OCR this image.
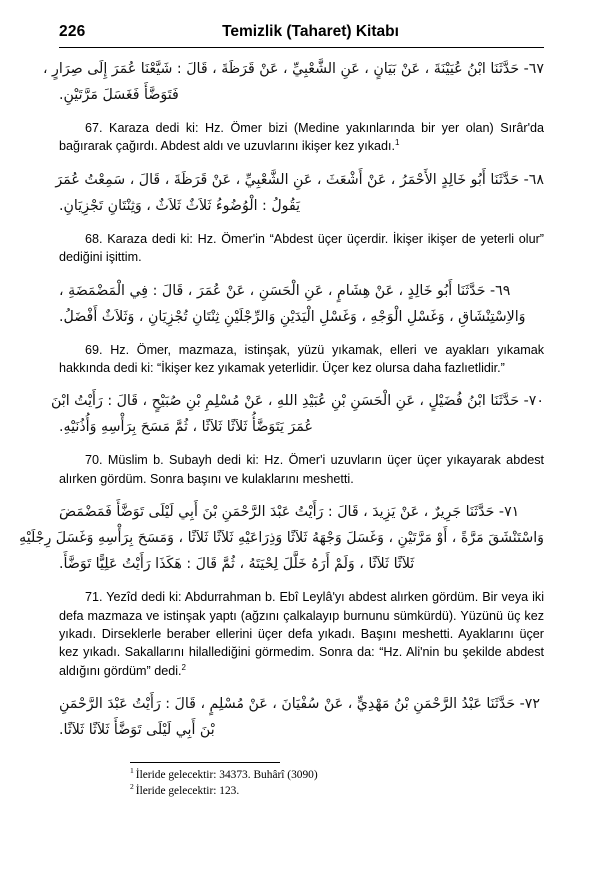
226	Temizlik (Taharet) Kitabı
٦٧- حَدَّثَنَا ابْنُ عُيَيْنَةَ ، عَنْ بَيَانٍ ، عَنِ الشَّعْبِيِّ ، عَنْ قَرَظَةَ ، قَالَ : شَيَّعْنَا عُمَرَ إِلَى صِرَارٍ ،
فَتَوَضَّأَ فَغَسَلَ مَرَّتَيْنِ.

67. Karaza dedi ki: Hz. Ömer bizi (Medine yakınlarında bir yer olan) Sırâr'da bağırarak çağırdı. Abdest aldı ve uzuvlarını ikişer kez yıkadı.$^1$

٦٨- حَدَّثَنَا أَبُو خَالِدٍ الأَحْمَرُ ، عَنْ أَشْعَثَ ، عَنِ الشَّعْبِيِّ ، عَنْ قَرَظَةَ ، قَالَ ، سَمِعْتُ عُمَرَ
يَقُولُ : الْوُضُوءُ ثَلاَثٌ ثَلاَثٌ ، وَثِنْتَانِ تَجْزِيَانِ.

68. Karaza dedi ki: Hz. Ömer'in “Abdest üçer üçerdir. İkişer ikişer de yeterli olur” dediğini işittim.

٦٩- حَدَّثَنَا أَبُو خَالِدٍ ، عَنْ هِشَامٍ ، عَنِ الْحَسَنِ ، عَنْ عُمَرَ ، قَالَ : فِي الْمَضْمَضَةِ ،
وَالاِسْتِنْشَاقِ ، وَغَسْلِ الْوَجْهِ ، وَغَسْلِ الْيَدَيْنِ وَالرِّجْلَيْنِ ثِنْتَانِ تُجْزِيَانِ ، وَثَلاَثٌ أَفْضَلُ.

69. Hz. Ömer, mazmaza, istinşak, yüzü yıkamak, elleri ve ayakları yıkamak hakkında dedi ki: “İkişer kez yıkamak yeterlidir. Üçer kez olursa daha fazlıetlidir.”

٧٠- حَدَّثَنَا ابْنُ فُضَيْلٍ ، عَنِ الْحَسَنِ بْنِ عُبَيْدِ اللهِ ، عَنْ مُسْلِمِ بْنِ صُبَيْحٍ ، قَالَ : رَأَيْتُ ابْنَ
عُمَرَ يَتَوَضَّأُ ثَلاَثًا ثَلاَثًا ، ثُمَّ مَسَحَ بِرَأْسِهِ وَأُذُنَيْهِ.

70. Müslim b. Subayh dedi ki: Hz. Ömer'i uzuvların üçer üçer yıkayarak abdest alırken gördüm. Sonra başını ve kulaklarını meshetti.

٧١- حَدَّثَنَا جَرِيرٌ ، عَنْ يَزِيدَ ، قَالَ : رَأَيْتُ عَبْدَ الرَّحْمَنِ بْنَ أَبِي لَيْلَى تَوَضَّأَ فَمَضْمَضَ
وَاسْتَنْشَقَ مَرَّةً ، أَوْ مَرَّتَيْنِ ، وَغَسَلَ وَجْهَهُ ثَلاَثًا وَذِرَاعَيْهِ ثَلاَثًا ثَلاَثًا ، وَمَسَحَ بِرَأْسِهِ وَغَسَلَ رِجْلَيْهِ
ثَلاَثًا ثَلاَثًا ، وَلَمْ أَرَهُ خَلَّلَ لِحْيَتَهُ ، ثُمَّ قَالَ : هَكَذَا رَأَيْتُ عَلِيًّا تَوَضَّأَ.

71. Yezîd dedi ki: Abdurrahman b. Ebî Leylâ'yı abdest alırken gördüm. Bir veya iki defa mazmaza ve istinşak yaptı (ağzını çalkalayıp burnunu sümkürdü). Yüzünü üç kez yıkadı. Dirseklerle beraber ellerini üçer defa yıkadı. Başını meshetti. Ayaklarını üçer kez yıkadı. Sakallarını hilallediğini görmedim. Sonra da: “Hz. Ali'nin bu şekilde abdest aldığını gördüm” dedi.$^2$

٧٢- حَدَّثَنَا عَبْدُ الرَّحْمَنِ بْنُ مَهْدِيٍّ ، عَنْ سُفْيَانَ ، عَنْ مُسْلِمٍ ، قَالَ : رَأَيْتُ عَبْدَ الرَّحْمَنِ
بْنَ أَبِي لَيْلَى تَوَضَّأَ ثَلاَثًا ثَلاَثًا.
$^1$ İleride gelecektir: 34373. Buhârî (3090)
$^2$ İleride gelecektir: 123.
